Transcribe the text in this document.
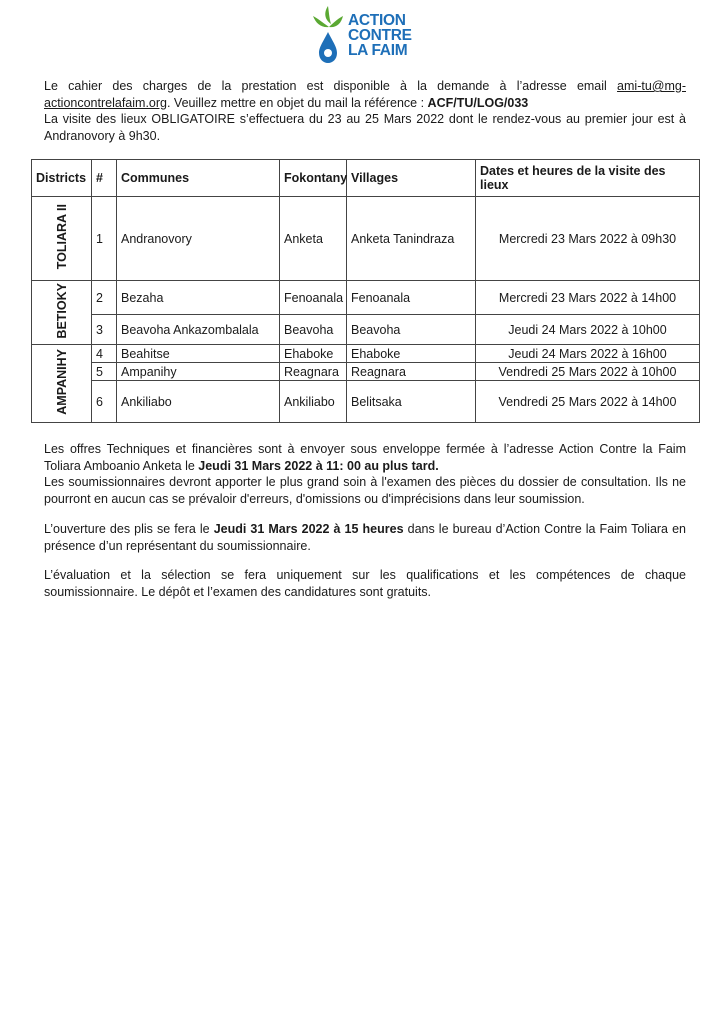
ACTION
CONTRE
LA FAIM

Le cahier des charges de la prestation est disponible à la demande à l’adresse email ami-tu@mg-actioncontrelafaim.org. Veuillez mettre en objet du mail la référence : ACF/TU/LOG/033

La visite des lieux OBLIGATOIRE s’effectuera du 23 au 25 Mars 2022 dont le rendez-vous au premier jour est à Andranovory à 9h30.

Districts	#	Communes	Fokontany	Villages	Dates et heures de la visite des lieux
TOLIARA II	1	Andranovory	Anketa	Anketa Tanindraza	Mercredi 23 Mars 2022 à 09h30
BETIOKY	2	Bezaha	Fenoanala	Fenoanala	Mercredi 23 Mars 2022 à 14h00
	3	Beavoha Ankazombalala	Beavoha	Beavoha	Jeudi 24 Mars 2022 à 10h00
AMPANIHY	4	Beahitse	Ehaboke	Ehaboke	Jeudi 24 Mars 2022 à 16h00
	5	Ampanihy	Reagnara	Reagnara	Vendredi 25 Mars 2022 à 10h00
	6	Ankiliabo	Ankiliabo	Belitsaka	Vendredi 25 Mars 2022 à 14h00

Les offres Techniques et financières sont à envoyer sous enveloppe fermée à l’adresse Action Contre la Faim Toliara Amboanio Anketa le Jeudi 31 Mars 2022 à 11: 00 au plus tard.

Les soumissionnaires devront apporter le plus grand soin à l'examen des pièces du dossier de consultation. Ils ne pourront en aucun cas se prévaloir d'erreurs, d'omissions ou d'imprécisions dans leur soumission.

L’ouverture des plis se fera le Jeudi 31 Mars 2022 à 15 heures dans le bureau d’Action Contre la Faim Toliara en présence d’un représentant du soumissionnaire.

L’évaluation et la sélection se fera uniquement sur les qualifications et les compétences de chaque soumissionnaire. Le dépôt et l’examen des candidatures sont gratuits.
